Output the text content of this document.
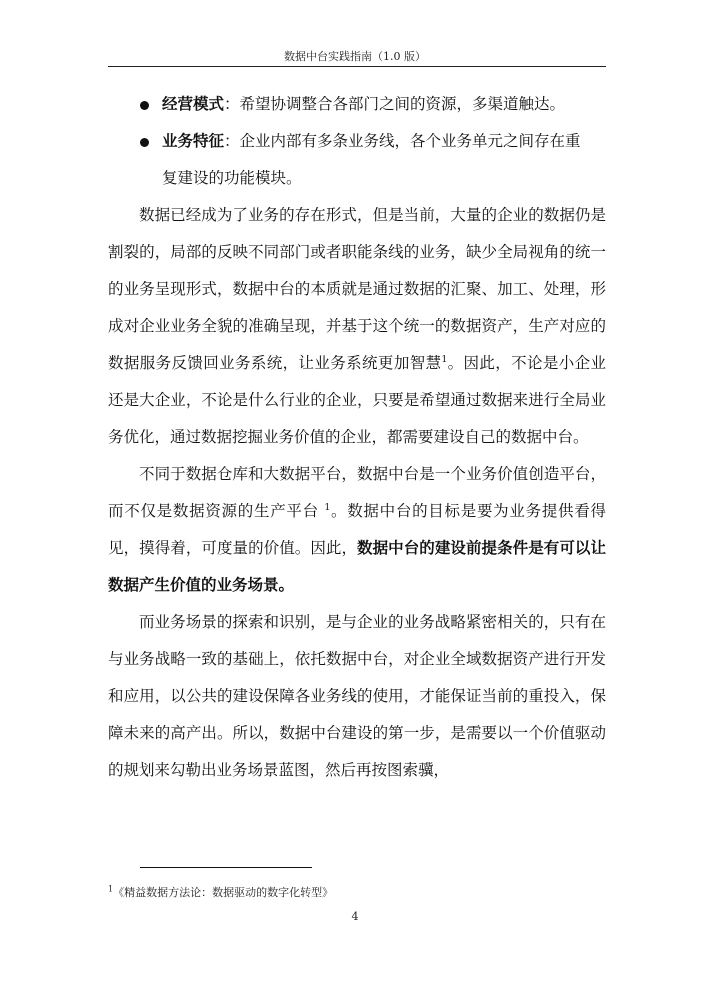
数据中台实践指南（1.0 版）
经营模式：希望协调整合各部门之间的资源，多渠道触达。
业务特征：企业内部有多条业务线，各个业务单元之间存在重
复建设的功能模块。

数据已经成为了业务的存在形式，但是当前，大量的企业的数据仍是割裂的，局部的反映不同部门或者职能条线的业务，缺少全局视角的统一的业务呈现形式，数据中台的本质就是通过数据的汇聚、加工、处理，形成对企业业务全貌的准确呈现，并基于这个统一的数据资产，生产对应的数据服务反馈回业务系统，让业务系统更加智慧$^1$。因此，不论是小企业还是大企业，不论是什么行业的企业，只要是希望通过数据来进行全局业务优化，通过数据挖掘业务价值的企业，都需要建设自己的数据中台。

不同于数据仓库和大数据平台，数据中台是一个业务价值创造平台，而不仅是数据资源的生产平台 $^1$。数据中台的目标是要为业务提供看得见，摸得着，可度量的价值。因此，数据中台的建设前提条件是有可以让数据产生价值的业务场景。

而业务场景的探索和识别，是与企业的业务战略紧密相关的，只有在与业务战略一致的基础上，依托数据中台，对企业全域数据资产进行开发和应用，以公共的建设保障各业务线的使用，才能保证当前的重投入，保障未来的高产出。所以，数据中台建设的第一步，是需要以一个价值驱动的规划来勾勒出业务场景蓝图，然后再按图索骥，

$^1$《精益数据方法论：数据驱动的数字化转型》
4
